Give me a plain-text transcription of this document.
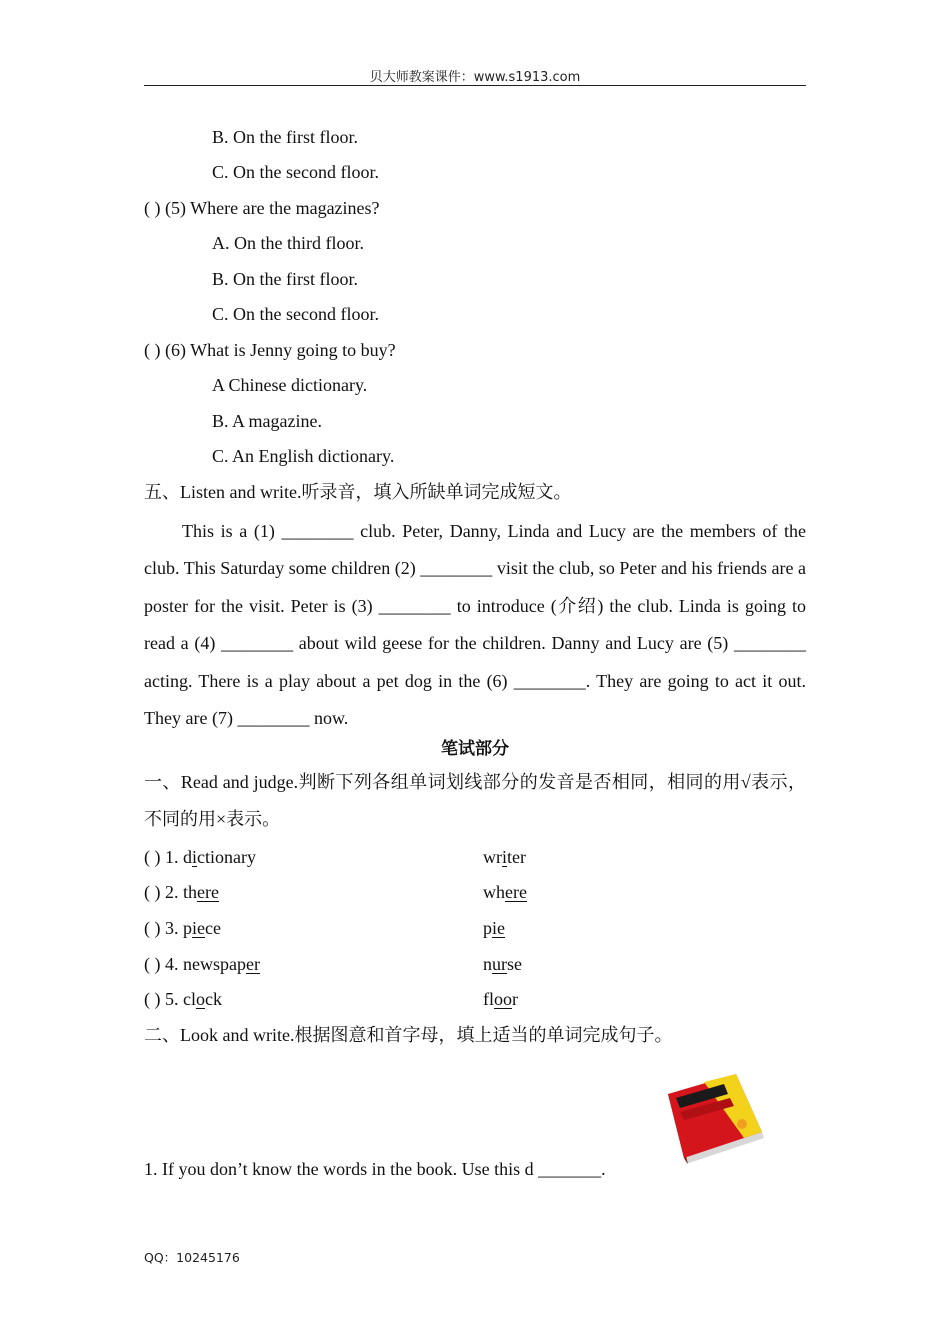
贝大师教案课件：www.s1913.com
B. On the first floor.
C. On the second floor.
( ) (5) Where are the magazines?
A. On the third floor.
B. On the first floor.
C. On the second floor.
( ) (6) What is Jenny going to buy?
A Chinese dictionary.
B. A magazine.
C. An English dictionary.
五、Listen and write.听录音，填入所缺单词完成短文。
This is a (1) ________ club. Peter, Danny, Linda and Lucy are the members of the club. This Saturday some children (2) ________ visit the club, so Peter and his friends are a poster for the visit. Peter is (3) ________ to introduce (介绍) the club. Linda is going to read a (4) ________ about wild geese for the children. Danny and Lucy are (5) ________ acting. There is a play about a pet dog in the (6) ________. They are going to act it out. They are (7) ________ now.
笔试部分
一、Read and judge.判断下列各组单词划线部分的发音是否相同，相同的用√表示，不同的用×表示。
( ) 1. dictionary	writer
( ) 2. there	where
( ) 3. piece	pie
( ) 4. newspaper	nurse
( ) 5. clock	floor
二、Look and write.根据图意和首字母，填上适当的单词完成句子。
1. If you don’t know the words in the book. Use this d _______.
QQ：10245176
